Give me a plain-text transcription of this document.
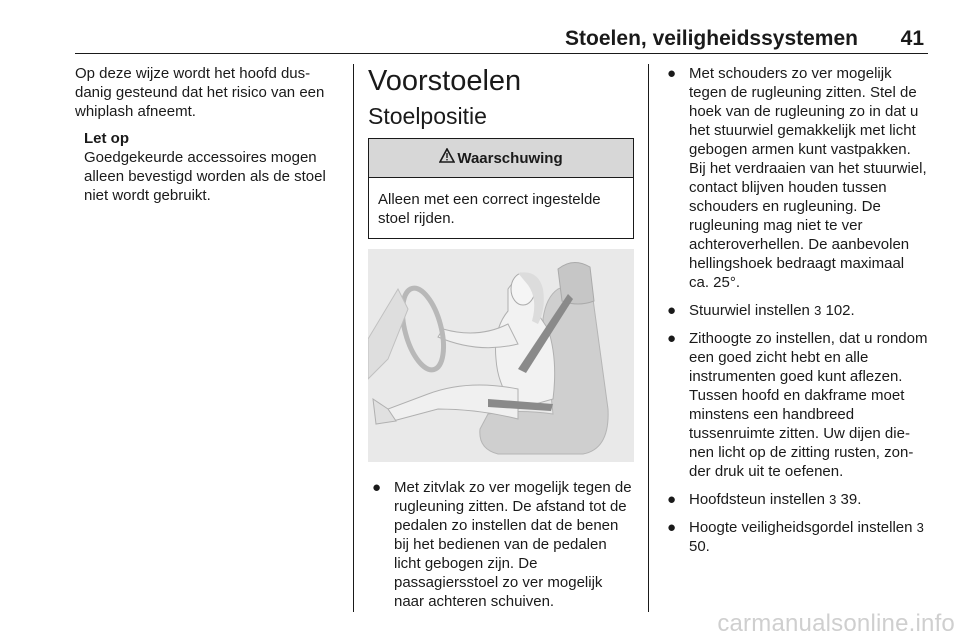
Stoelen, veiligheidssystemen 41

Op deze wijze wordt het hoofd dusdanig gesteund dat het risico van een whiplash afneemt.

Let op

Goedgekeurde accessoires mogen alleen bevestigd worden als de stoel niet wordt gebruikt.

Voorstoelen
Stoelpositie
Waarschuwing
Alleen met een correct ingestelde stoel rijden.
● Met zitvlak zo ver mogelijk tegen de rugleuning zitten. De afstand tot de pedalen zo instellen dat de benen bij het bedienen van de pedalen licht gebogen zijn. De passagiersstoel zo ver mogelijk naar achteren schuiven.
● Met schouders zo ver mogelijk tegen de rugleuning zitten. Stel de hoek van de rugleuning zo in dat u het stuurwiel gemakkelijk met licht gebogen armen kunt vastpakken. Bij het verdraaien van het stuurwiel, contact blijven houden tussen schouders en rugleuning. De rugleuning mag niet te ver achteroverhellen. De aanbevolen hellingshoek bedraagt maximaal ca. 25°.
● Stuurwiel instellen 3 102.
● Zithoogte zo instellen, dat u rondom een goed zicht hebt en alle instrumenten goed kunt aflezen. Tussen hoofd en dakframe moet minstens een handbreed tussenruimte zitten. Uw dijen dienen licht op de zitting rusten, zonder druk uit te oefenen.
● Hoofdsteun instellen 3 39.
● Hoogte veiligheidsgordel instellen 3 50.
carmanualsonline.info
